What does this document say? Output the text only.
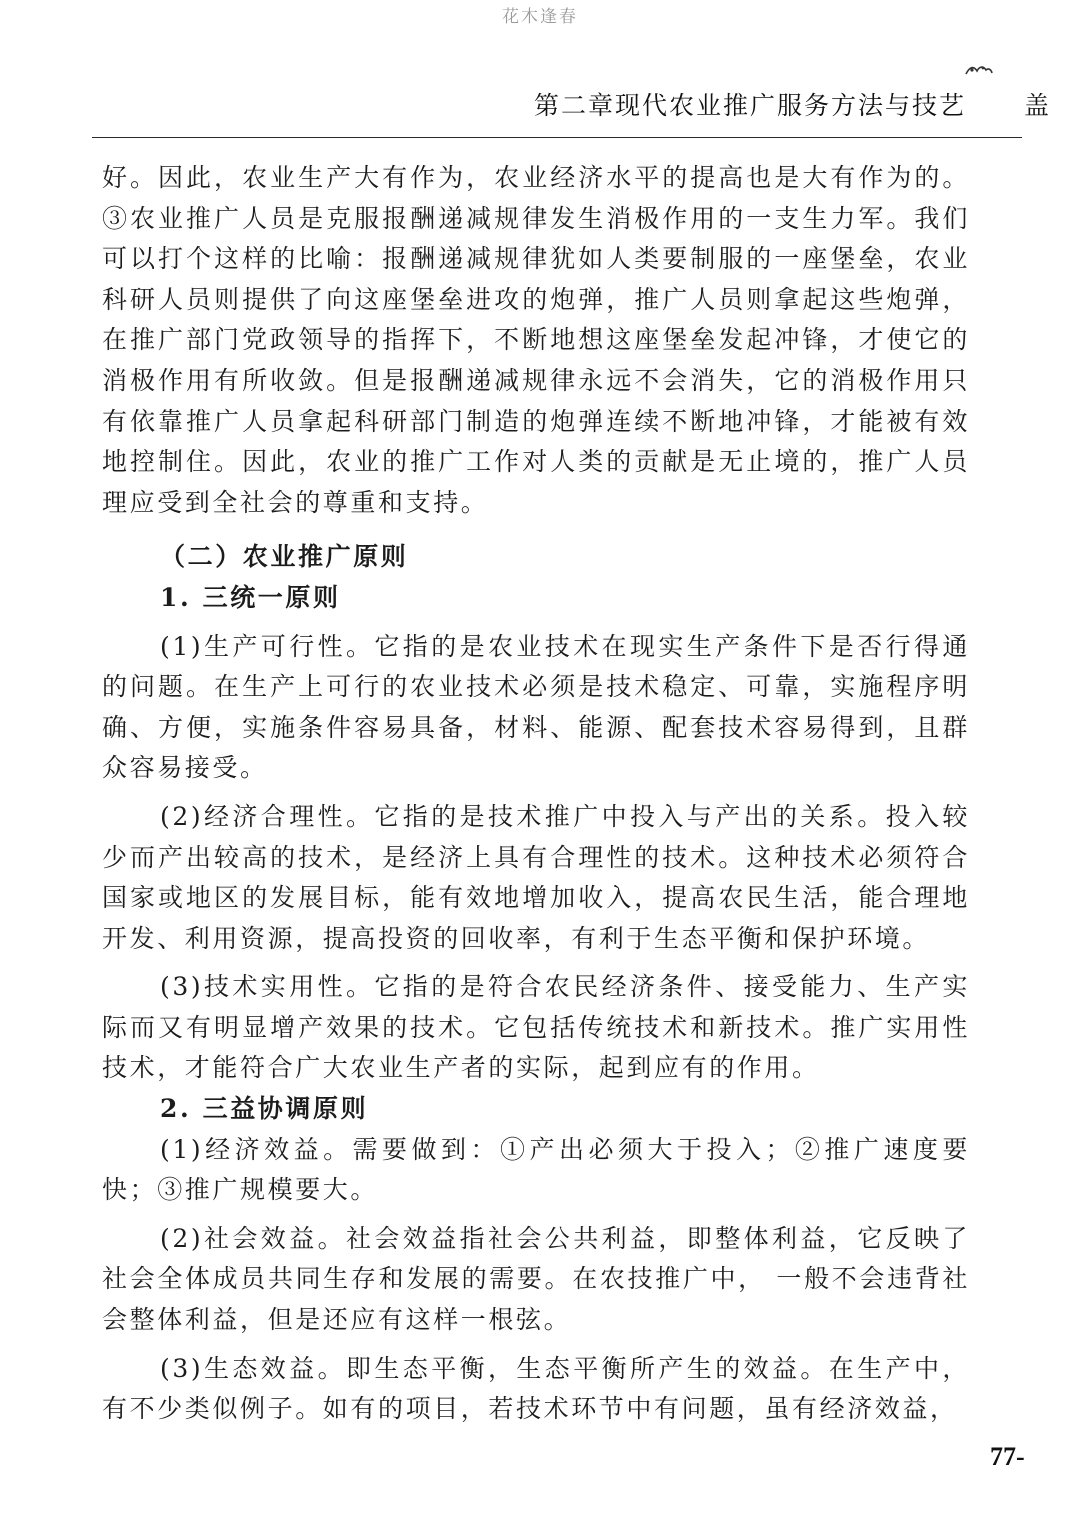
花木逢春
第二章现代农业推广服务方法与技艺 盖

好。因此，农业生产大有作为，农业经济水平的提高也是大有作为的。③农业推广人员是克服报酬递减规律发生消极作用的一支生力军。我们可以打个这样的比喻：报酬递减规律犹如人类要制服的一座堡垒，农业科研人员则提供了向这座堡垒进攻的炮弹，推广人员则拿起这些炮弹，在推广部门党政领导的指挥下，不断地想这座堡垒发起冲锋，才使它的消极作用有所收敛。但是报酬递减规律永远不会消失，它的消极作用只有依靠推广人员拿起科研部门制造的炮弹连续不断地冲锋，才能被有效地控制住。因此，农业的推广工作对人类的贡献是无止境的，推广人员理应受到全社会的尊重和支持。

（二）农业推广原则

1. 三统一原则

(1)生产可行性。它指的是农业技术在现实生产条件下是否行得通的问题。在生产上可行的农业技术必须是技术稳定、可靠，实施程序明确、方便，实施条件容易具备，材料、能源、配套技术容易得到，且群众容易接受。

(2)经济合理性。它指的是技术推广中投入与产出的关系。投入较少而产出较高的技术，是经济上具有合理性的技术。这种技术必须符合国家或地区的发展目标，能有效地增加收入，提高农民生活，能合理地开发、利用资源，提高投资的回收率，有利于生态平衡和保护环境。

(3)技术实用性。它指的是符合农民经济条件、接受能力、生产实际而又有明显增产效果的技术。它包括传统技术和新技术。推广实用性技术，才能符合广大农业生产者的实际，起到应有的作用。

2. 三益协调原则

(1)经济效益。需要做到：①产出必须大于投入；②推广速度要快；③推广规模要大。

(2)社会效益。社会效益指社会公共利益，即整体利益，它反映了社会全体成员共同生存和发展的需要。在农技推广中， 一般不会违背社会整体利益，但是还应有这样一根弦。

(3)生态效益。即生态平衡，生态平衡所产生的效益。在生产中，有不少类似例子。如有的项目，若技术环节中有问题，虽有经济效益，

77-
